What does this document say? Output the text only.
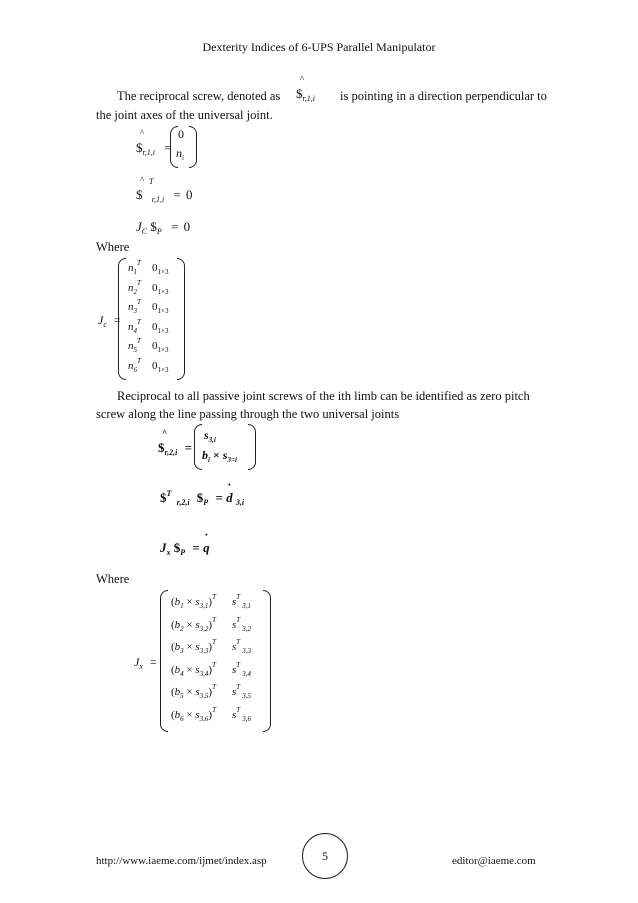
Dexterity Indices of 6-UPS Parallel Manipulator
The reciprocal screw, denoted as
^
$\$_{r,1,i}$ is pointing in a direction perpendicular to
the joint axes of the universal joint.
^
$\$_{r,1,i}$ =
0
$n_i$
^ T
$ $_{r,1,i}$ = 0
$J_C$ $\$_P = 0$
Where
$J_c$ =
$n_1^T$ $0_{1\times 3}$
$n_2^T$ $0_{1\times 3}$
$n_3^T$ $0_{1\times 3}$
$n_4^T$ $0_{1\times 3}$
$n_5^T$ $0_{1\times 3}$
$n_6^T$ $0_{1\times 3}$
Reciprocal to all passive joint screws of the ith limb can be identified as zero pitch
screw along the line passing through the two universal joints
^
$\$_{r,2,i}$ =
$s_{3,i}$
$b_i \times s_{3=i}$
\$$^T$ $_{r,2,i}$ $\$_P$ =
•
d $_{3,i}$
$J_x$ $\$_P$ =
•
q
Where
$J_x$ =
$(b_1 \times s_{3,1})^T$ $s^T_{3,1}$
$(b_2 \times s_{3,2})^T$ $s^T_{3,2}$
$(b_3 \times s_{3,3})^T$ $s^T_{3,3}$
$(b_4 \times s_{3,4})^T$ $s^T_{3,4}$
$(b_5 \times s_{3,5})^T$ $s^T_{3,5}$
$(b_6 \times s_{3,6})^T$ $s^T_{3,6}$
http://www.iaeme.com/ijmet/index.asp	5	editor@iaeme.com
